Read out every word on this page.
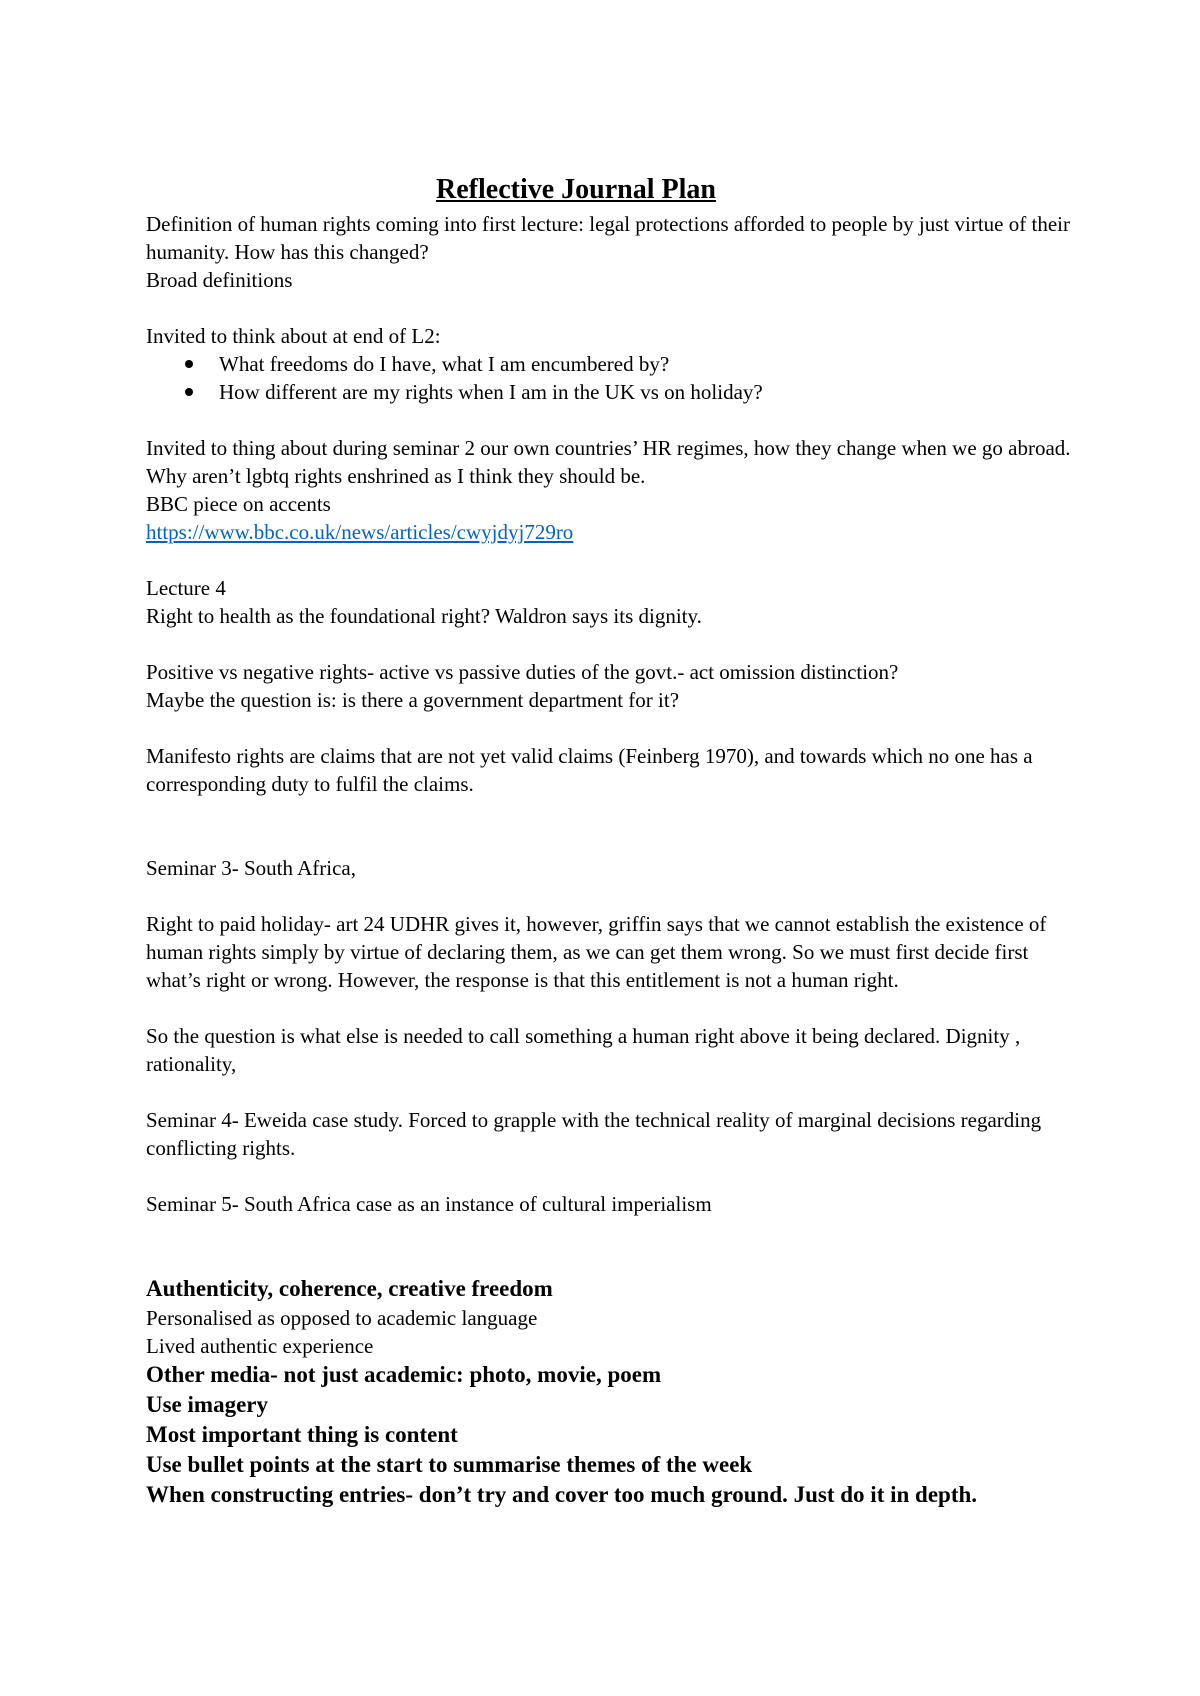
Reflective Journal Plan

Definition of human rights coming into first lecture: legal protections afforded to people by just virtue of their humanity. How has this changed?

Broad definitions

Invited to think about at end of L2:

What freedoms do I have, what I am encumbered by?
How different are my rights when I am in the UK vs on holiday?

Invited to thing about during seminar 2 our own countries’ HR regimes, how they change when we go abroad. Why aren’t lgbtq rights enshrined as I think they should be.

BBC piece on accents

https://www.bbc.co.uk/news/articles/cwyjdyj729ro

Lecture 4

Right to health as the foundational right? Waldron says its dignity.

Positive vs negative rights- active vs passive duties of the govt.- act omission distinction?

Maybe the question is: is there a government department for it?

Manifesto rights are claims that are not yet valid claims (Feinberg 1970), and towards which no one has a corresponding duty to fulfil the claims.

Seminar 3- South Africa,

Right to paid holiday- art 24 UDHR gives it, however, griffin says that we cannot establish the existence of human rights simply by virtue of declaring them, as we can get them wrong. So we must first decide first what’s right or wrong. However, the response is that this entitlement is not a human right.

So the question is what else is needed to call something a human right above it being declared. Dignity , rationality,

Seminar 4- Eweida case study. Forced to grapple with the technical reality of marginal decisions regarding conflicting rights.

Seminar 5- South Africa case as an instance of cultural imperialism

Authenticity, coherence, creative freedom

Personalised as opposed to academic language

Lived authentic experience

Other media- not just academic: photo, movie, poem

Use imagery

Most important thing is content

Use bullet points at the start to summarise themes of the week

When constructing entries- don’t try and cover too much ground. Just do it in depth.
